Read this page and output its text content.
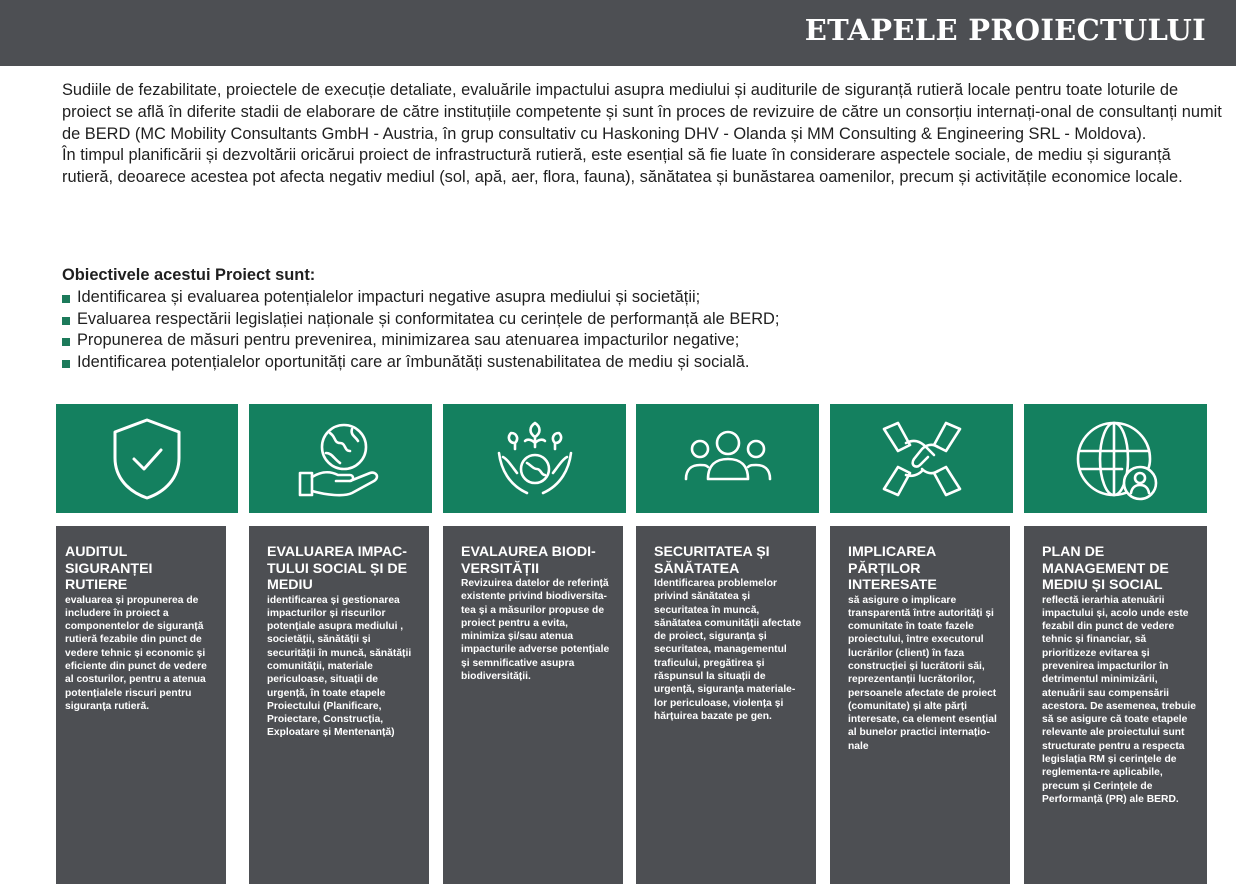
ETAPELE PROIECTULUI

Sudiile de fezabilitate, proiectele de execuție detaliate, evaluările impactului asupra mediului și auditurile de siguranță rutieră locale pentru toate loturile de proiect se află în diferite stadii de elaborare de către instituțiile competente și sunt în proces de revizuire de către un consorțiu internați-onal de consultanți numit de BERD (MC Mobility Consultants GmbH - Austria, în grup consultativ cu Haskoning DHV - Olanda și MM Consulting & Engineering SRL - Moldova).

În timpul planificării și dezvoltării oricărui proiect de infrastructură rutieră, este esențial să fie luate în considerare aspectele sociale, de mediu și siguranță rutieră, deoarece acestea pot afecta negativ mediul (sol, apă, aer, flora, fauna), sănătatea și bunăstarea oamenilor, precum și activitățile economice locale.

Obiectivele acestui Proiect sunt:

Identificarea și evaluarea potențialelor impacturi negative asupra mediului și societății;
Evaluarea respectării legislației naționale și conformitatea cu cerințele de performanță ale BERD;
Propunerea de măsuri pentru prevenirea, minimizarea sau atenuarea impacturilor negative;
Identificarea potențialelor oportunități care ar îmbunătăți sustenabilitatea de mediu și socială.
AUDITUL SIGURANȚEI RUTIERE

evaluarea și propunerea de includere în proiect a componentelor de siguranță rutieră fezabile din punct de vedere tehnic și economic și eficiente din punct de vedere al costurilor, pentru a atenua potențialele riscuri pentru siguranța rutieră.

EVALUAREA IMPAC-TULUI SOCIAL ȘI DE MEDIU

identificarea și gestionarea impacturilor și riscurilor potențiale asupra mediului , societății, sănătății și securității în muncă, sănătății comunității, materiale periculoase, situații de urgență, în toate etapele Proiectului (Planificare, Proiectare, Construcția, Exploatare și Mentenanță)

EVALAUREA BIODI-VERSITĂȚII

Revizuirea datelor de referință existente privind biodiversita-tea și a măsurilor propuse de proiect pentru a evita, minimiza și/sau atenua impacturile adverse potențiale și semnificative asupra biodiversității.

SECURITATEA ȘI SĂNĂTATEA

Identificarea problemelor privind sănătatea și securitatea în muncă, sănătatea comunității afectate de proiect, siguranța și securitatea, managementul traficului, pregătirea și răspunsul la situații de urgență, siguranța materiale-lor periculoase, violența și hărțuirea bazate pe gen.

IMPLICAREA PĂRȚILOR INTERESATE

să asigure o implicare transparentă între autorități și comunitate în toate fazele proiectului, între executorul lucrărilor (client) în faza construcției și lucrătorii săi, reprezentanții lucrătorilor, persoanele afectate de proiect (comunitate) și alte părți interesate, ca element esențial al bunelor practici internațio-nale

PLAN DE MANAGEMENT DE MEDIU ȘI SOCIAL

reflectă ierarhia atenuării impactului și, acolo unde este fezabil din punct de vedere tehnic și financiar, să prioritizeze evitarea și prevenirea impacturilor în detrimentul minimizării, atenuării sau compensării acestora. De asemenea, trebuie să se asigure că toate etapele relevante ale proiectului sunt structurate pentru a respecta legislația RM și cerințele de reglementa-re aplicabile, precum și Cerințele de Performanță (PR) ale BERD.
